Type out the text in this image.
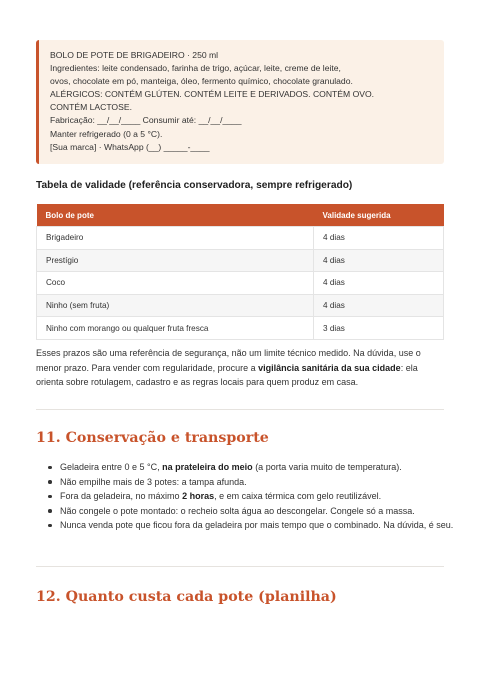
BOLO DE POTE DE BRIGADEIRO · 250 ml
Ingredientes: leite condensado, farinha de trigo, açúcar, leite, creme de leite,
ovos, chocolate em pó, manteiga, óleo, fermento químico, chocolate granulado.
ALÉRGICOS: CONTÉM GLÚTEN. CONTÉM LEITE E DERIVADOS. CONTÉM OVO.
CONTÉM LACTOSE.
Fabricação: __/__/____ Consumir até: __/__/____
Manter refrigerado (0 a 5 °C).
[Sua marca] · WhatsApp (__) _____-____
Tabela de validade (referência conservadora, sempre refrigerado)
Bolo de pote	Validade sugerida
Brigadeiro	4 dias
Prestígio	4 dias
Coco	4 dias
Ninho (sem fruta)	4 dias
Ninho com morango ou qualquer fruta fresca	3 dias

Esses prazos são uma referência de segurança, não um limite técnico medido. Na dúvida, use o menor prazo. Para vender com regularidade, procure a vigilância sanitária da sua cidade: ela orienta sobre rotulagem, cadastro e as regras locais para quem produz em casa.

11. Conservação e transporte
Geladeira entre 0 e 5 °C, na prateleira do meio (a porta varia muito de temperatura).
Não empilhe mais de 3 potes: a tampa afunda.
Fora da geladeira, no máximo 2 horas, e em caixa térmica com gelo reutilizável.
Não congele o pote montado: o recheio solta água ao descongelar. Congele só a massa.
Nunca venda pote que ficou fora da geladeira por mais tempo que o combinado. Na dúvida, é seu.
12. Quanto custa cada pote (planilha)
